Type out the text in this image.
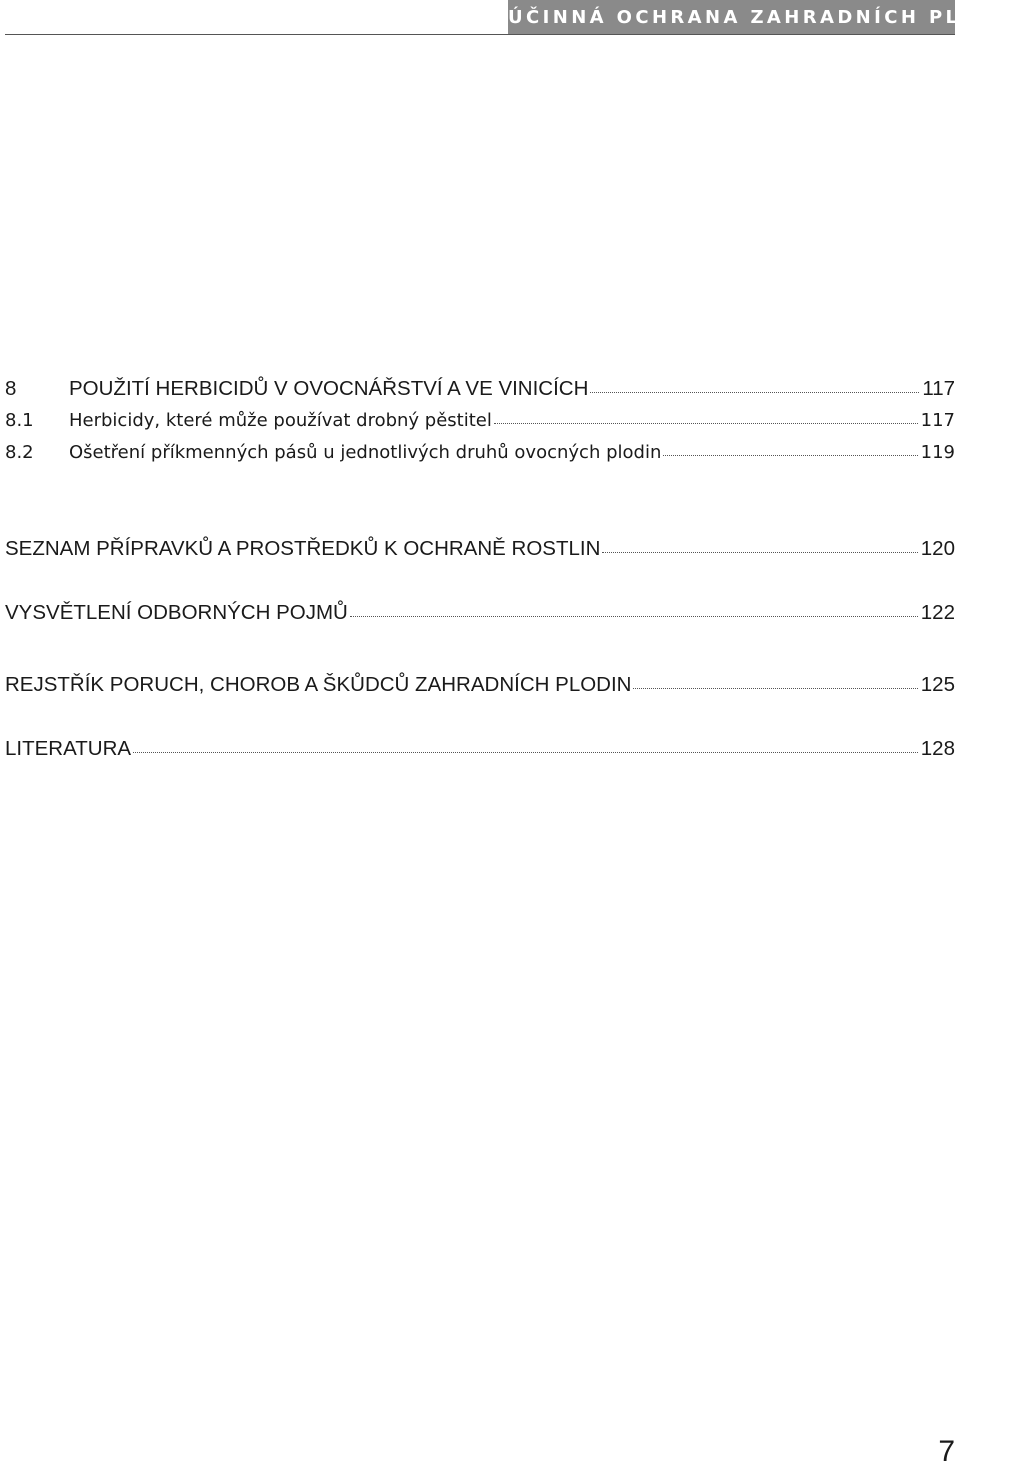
ÚČINNÁ OCHRANA ZAHRADNÍCH PLODIN
8	POUŽITÍ HERBICIDŮ V OVOCNÁŘSTVÍ A VE VINICÍCH	117
8.1	Herbicidy, které může používat drobný pěstitel	117
8.2	Ošetření příkmenných pásů u jednotlivých druhů ovocných plodin	119
SEZNAM PŘÍPRAVKŮ A PROSTŘEDKŮ K OCHRANĚ ROSTLIN	120
VYSVĚTLENÍ ODBORNÝCH POJMŮ	122
REJSTŘÍK PORUCH, CHOROB A ŠKŮDCŮ ZAHRADNÍCH PLODIN	125
LITERATURA	128
7
